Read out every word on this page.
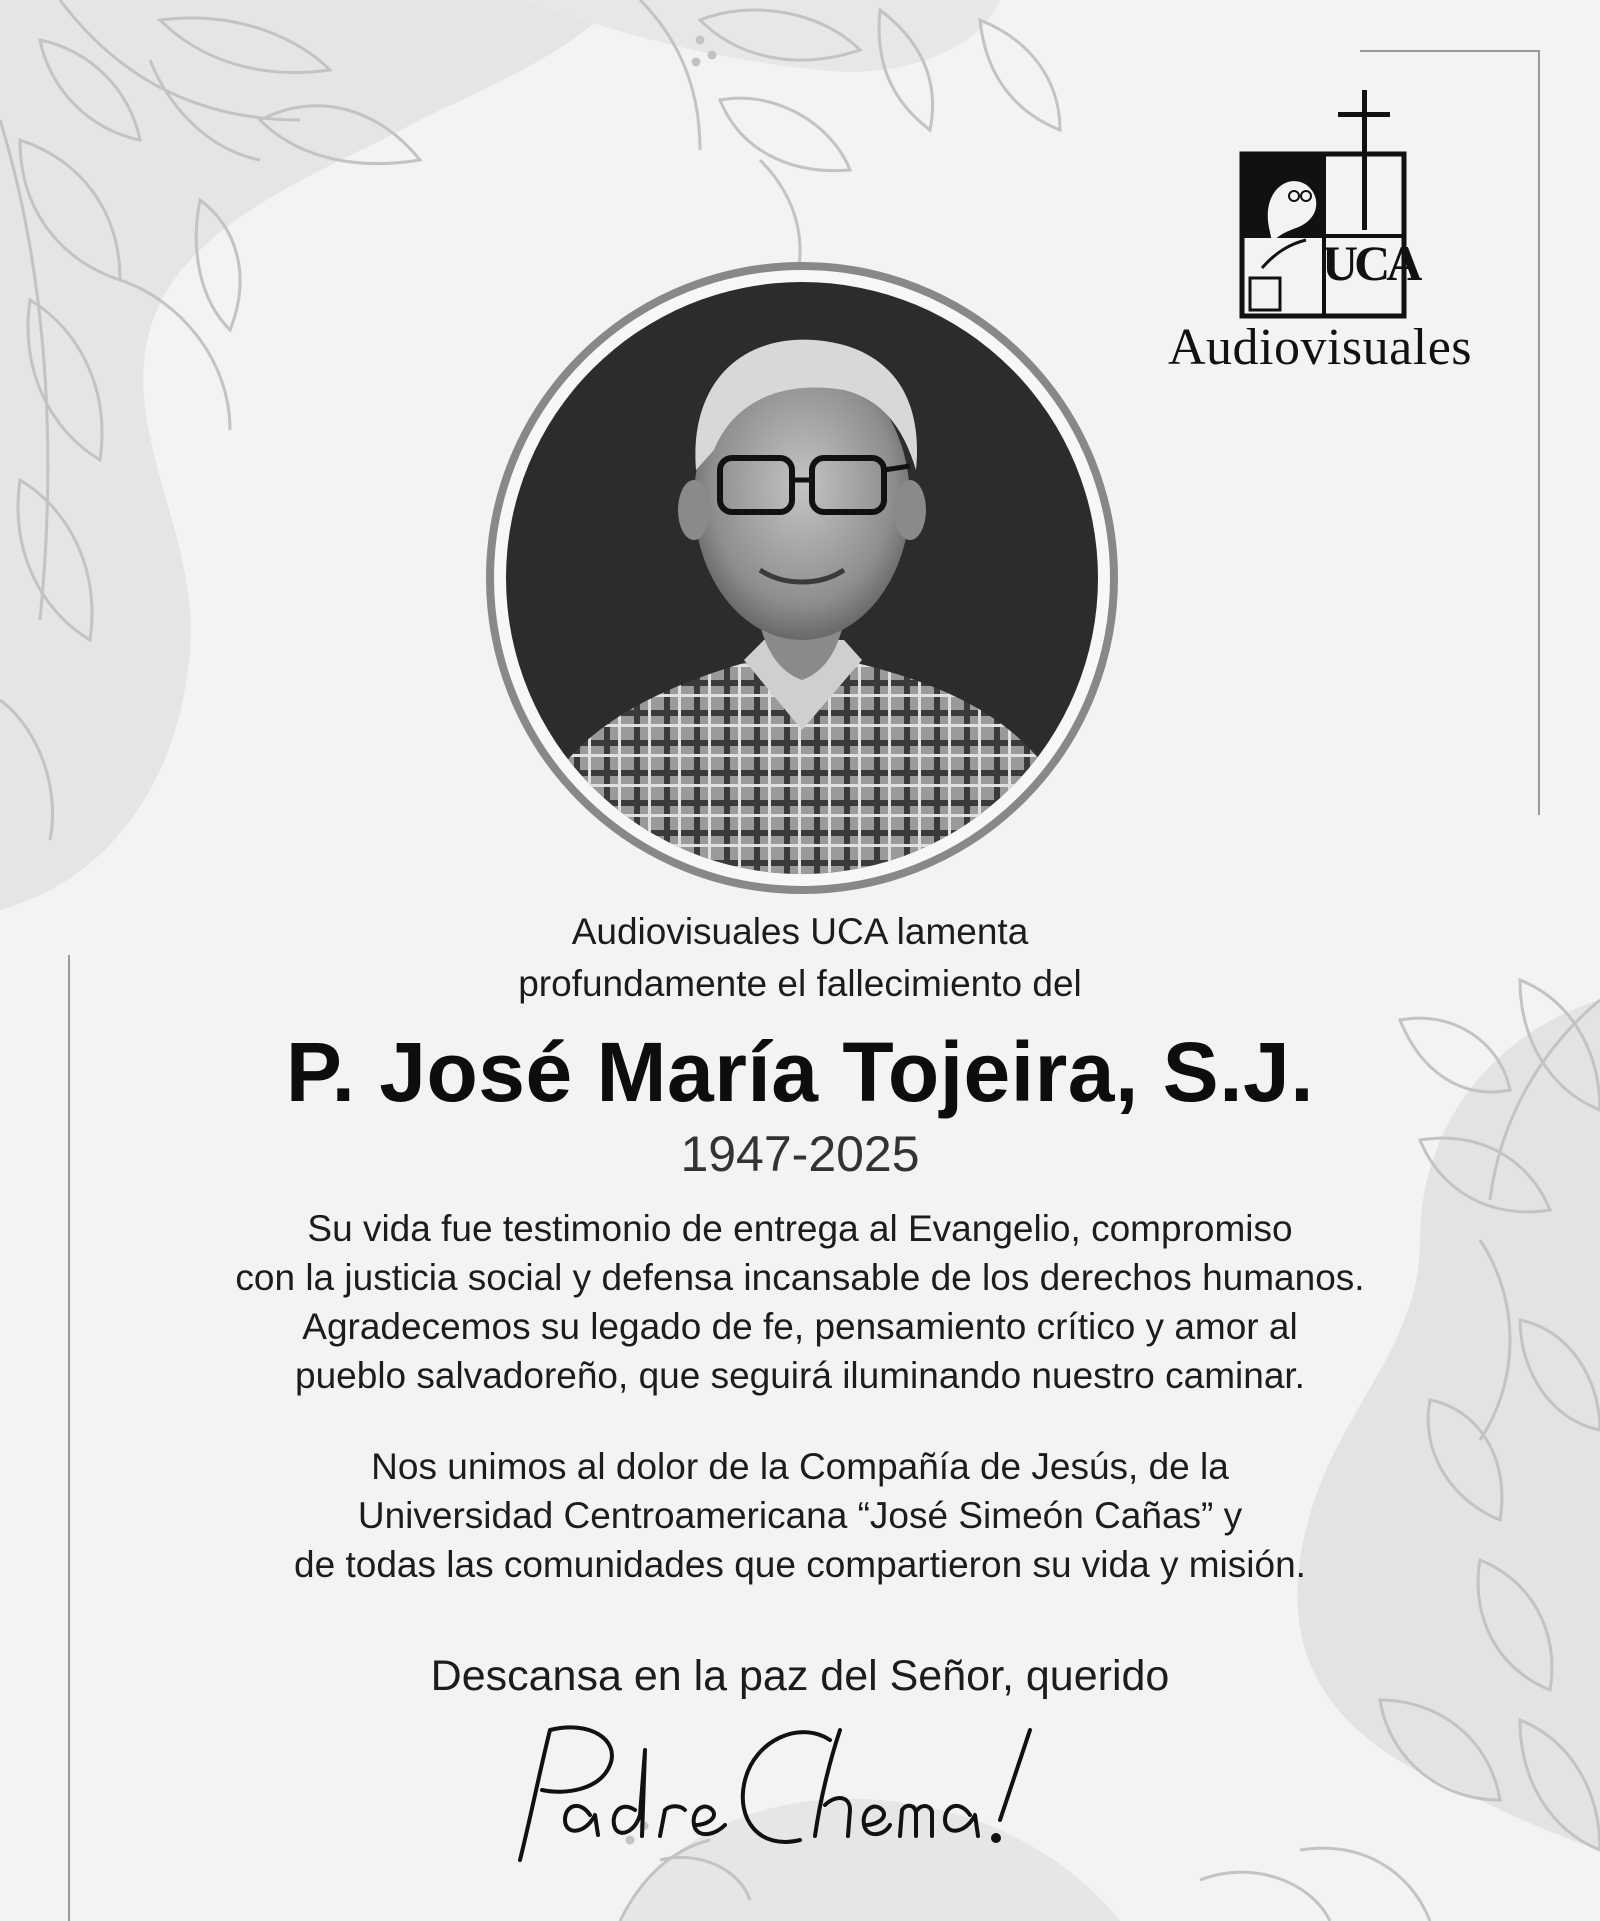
UCA
Audiovisuales
Audiovisuales UCA lamenta
profundamente el fallecimiento del
P. José María Tojeira, S.J.
1947-2025
Su vida fue testimonio de entrega al Evangelio, compromiso
con la justicia social y defensa incansable de los derechos humanos.
Agradecemos su legado de fe, pensamiento crítico y amor al
pueblo salvadoreño, que seguirá iluminando nuestro caminar.
Nos unimos al dolor de la Compañía de Jesús, de la
Universidad Centroamericana “José Simeón Cañas” y
de todas las comunidades que compartieron su vida y misión.
Descansa en la paz del Señor, querido
